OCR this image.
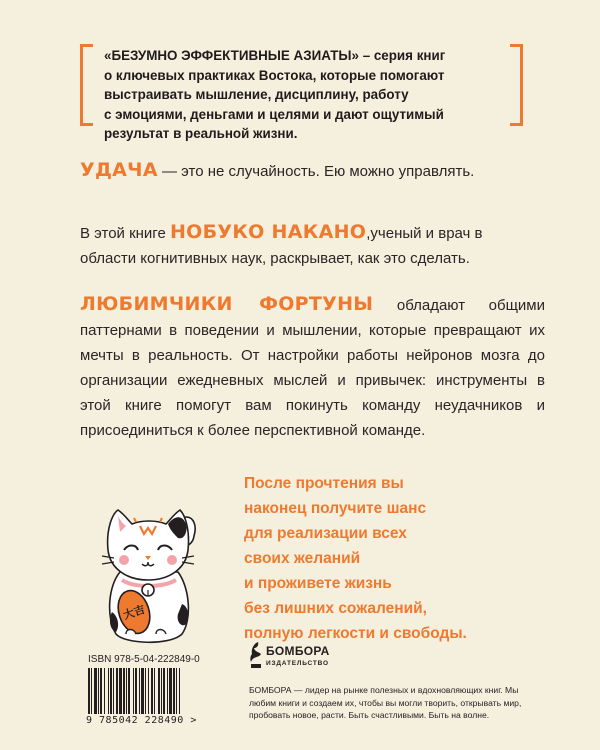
«БЕЗУМНО ЭФФЕКТИВНЫЕ АЗИАТЫ» – серия книг
о ключевых практиках Востока, которые помогают
выстраивать мышление, дисциплину, работу
с эмоциями, деньгами и целями и дают ощутимый
результат в реальной жизни.

УДАЧА — это не случайность. Ею можно управлять.

В этой книге НОБУКО НАКАНО,ученый и врач в области когнитивных наук, раскрывает, как это сделать.

ЛЮБИМЧИКИ ФОРТУНЫ обладают общими паттернами в поведении и мышлении, которые превращают их мечты в реальность. От настройки работы нейронов мозга до организации ежедневных мыслей и привычек: инструменты в этой книге помогут вам покинуть команду неудачников и присоединиться к более перспективной команде.

После прочтения вы
наконец получите шанс
для реализации всех
своих желаний
и проживете жизнь
без лишних сожалений,
полную легкости и свободы.

大吉
ISBN 978-5-04-222849-0
9 785042 228490 >
БОМБОРА
ИЗДАТЕЛЬСТВО

БОМБОРА — лидер на рынке полезных и вдохновляющих книг. Мы любим книги и создаем их, чтобы вы могли творить, открывать мир, пробовать новое, расти. Быть счастливыми. Быть на волне.
